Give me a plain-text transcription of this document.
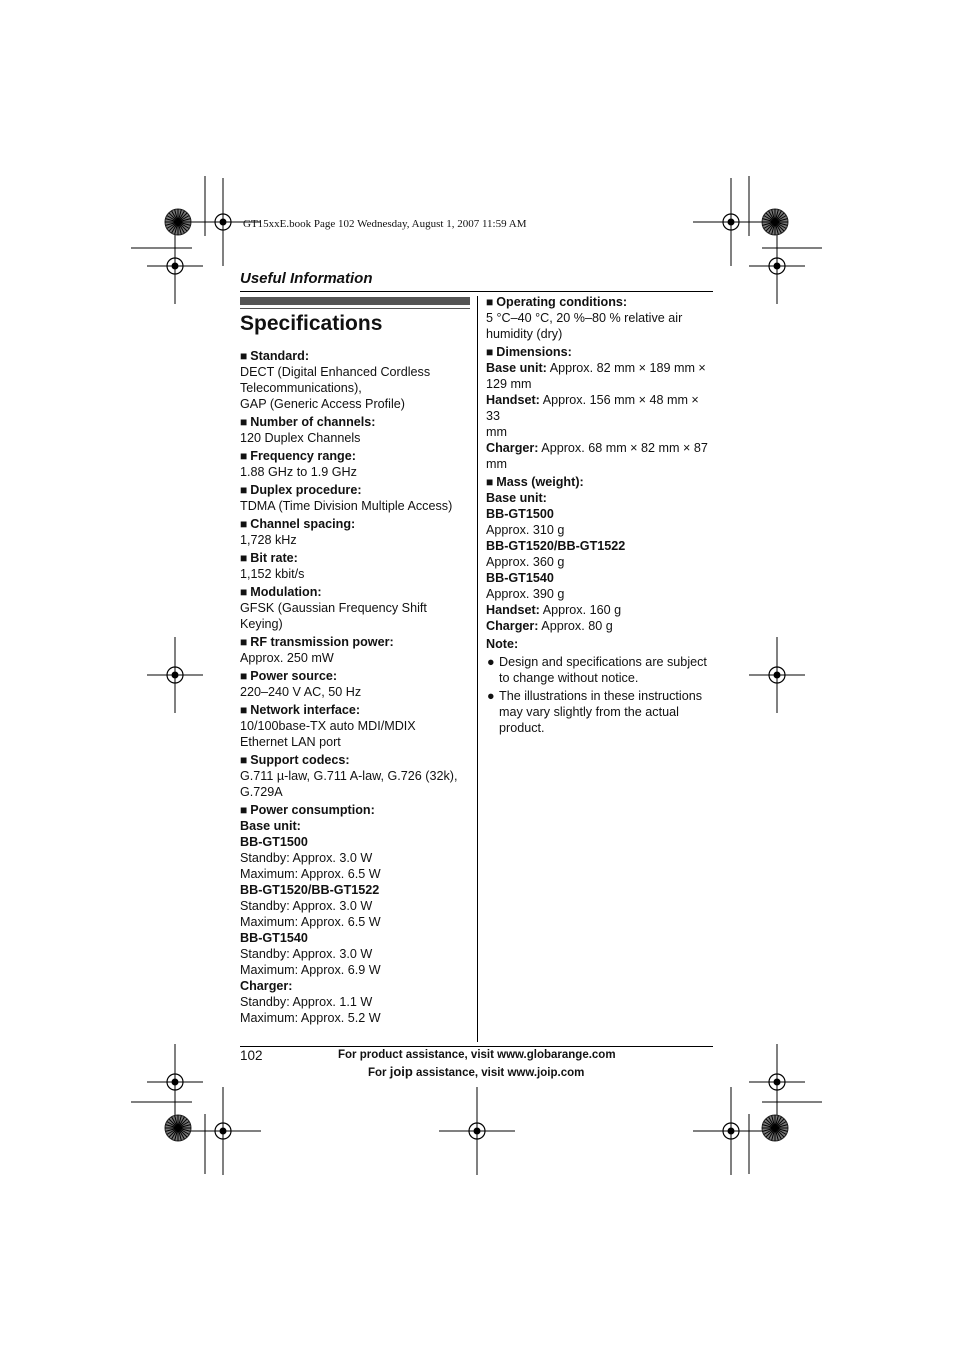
GT15xxE.book Page 102 Wednesday, August 1, 2007 11:59 AM
Useful Information
Specifications

■ Standard:

DECT (Digital Enhanced Cordless

Telecommunications),

GAP (Generic Access Profile)

■ Number of channels:

120 Duplex Channels

■ Frequency range:

1.88 GHz to 1.9 GHz

■ Duplex procedure:

TDMA (Time Division Multiple Access)

■ Channel spacing:

1,728 kHz

■ Bit rate:

1,152 kbit/s

■ Modulation:

GFSK (Gaussian Frequency Shift

Keying)

■ RF transmission power:

Approx. 250 mW

■ Power source:

220–240 V AC, 50 Hz

■ Network interface:

10/100base-TX auto MDI/MDIX

Ethernet LAN port

■ Support codecs:

G.711 µ-law, G.711 A-law, G.726 (32k),

G.729A

■ Power consumption:

Base unit:

BB-GT1500

Standby: Approx. 3.0 W

Maximum: Approx. 6.5 W

BB-GT1520/BB-GT1522

Standby: Approx. 3.0 W

Maximum: Approx. 6.5 W

BB-GT1540

Standby: Approx. 3.0 W

Maximum: Approx. 6.9 W

Charger:

Standby: Approx. 1.1 W

Maximum: Approx. 5.2 W

■ Operating conditions:

5 °C–40 °C, 20 %–80 % relative air

humidity (dry)

■ Dimensions:

Base unit: Approx. 82 mm × 189 mm ×

129 mm

Handset: Approx. 156 mm × 48 mm × 33

mm

Charger: Approx. 68 mm × 82 mm × 87

mm

■ Mass (weight):

Base unit:

BB-GT1500

Approx. 310 g

BB-GT1520/BB-GT1522

Approx. 360 g

BB-GT1540

Approx. 390 g

Handset: Approx. 160 g

Charger: Approx. 80 g

Note:

● Design and specifications are subject

to change without notice.

● The illustrations in these instructions

may vary slightly from the actual

product.

102	For product assistance, visit www.globarange.com
For joip assistance, visit www.joip.com
